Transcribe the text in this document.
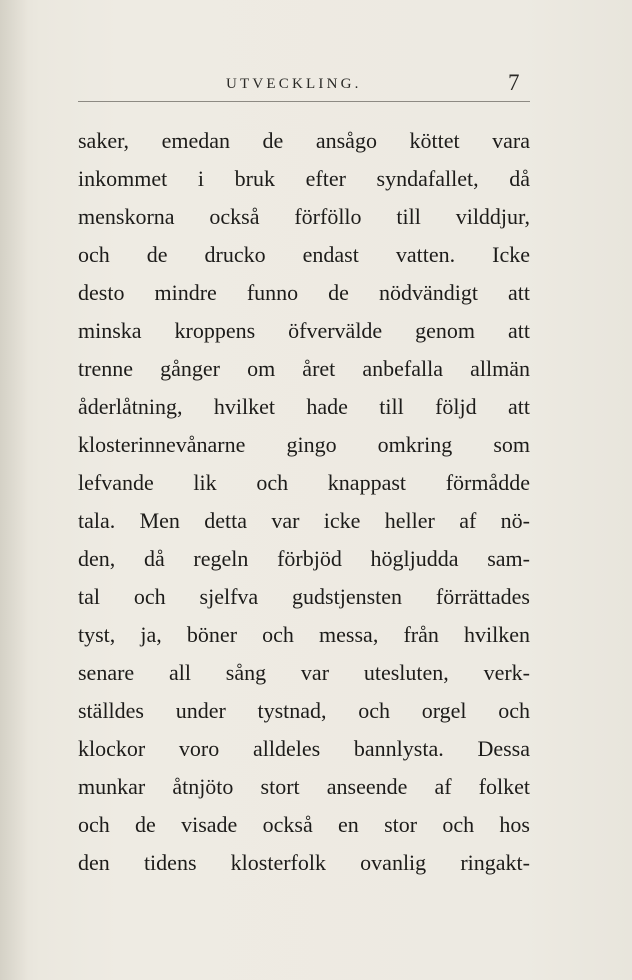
UTVECKLING.	7
saker, emedan de ansågo köttet vara
inkommet i bruk efter syndafallet, då
menskorna också förföllo till vilddjur,
och de drucko endast vatten. Icke
desto mindre funno de nödvändigt att
minska kroppens öfvervälde genom att
trenne gånger om året anbefalla allmän
åderlåtning, hvilket hade till följd att
klosterinnevånarne gingo omkring som
lefvande lik och knappast förmådde
tala. Men detta var icke heller af nö-
den, då regeln förbjöd högljudda sam-
tal och sjelfva gudstjensten förrättades
tyst, ja, böner och messa, från hvilken
senare all sång var utesluten, verk-
ställdes under tystnad, och orgel och
klockor voro alldeles bannlysta. Dessa
munkar åtnjöto stort anseende af folket
och de visade också en stor och hos
den tidens klosterfolk ovanlig ringakt-
